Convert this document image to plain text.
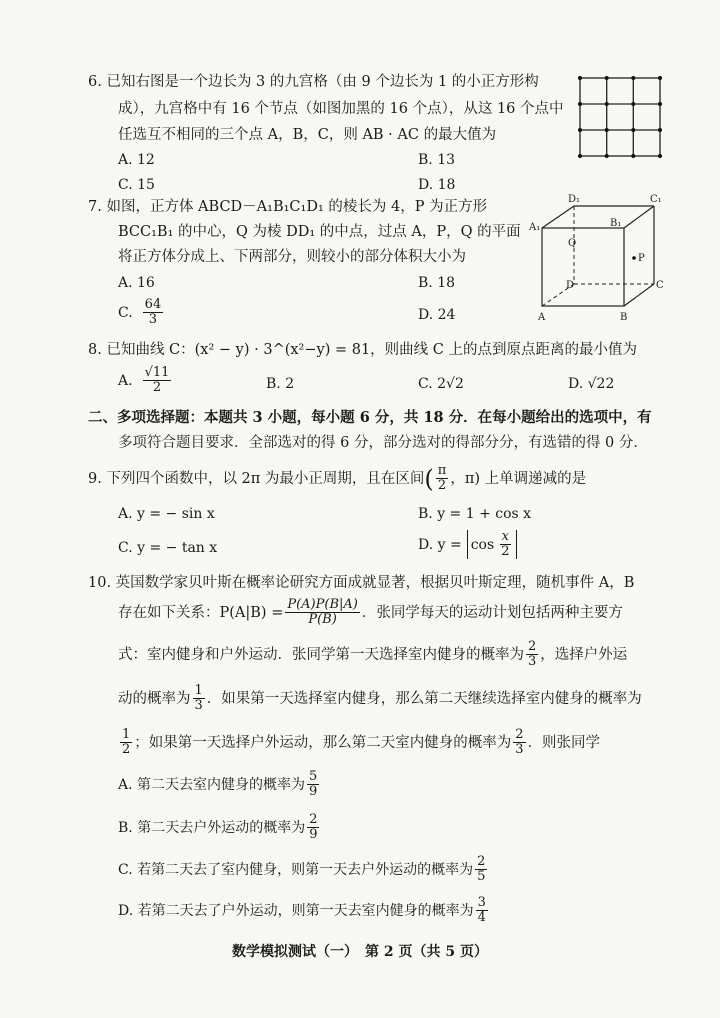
6. 已知右图是一个边长为 3 的九宫格（由 9 个边长为 1 的小正方形构
成），九宫格中有 16 个节点（如图加黑的 16 个点），从这 16 个点中
任选互不相同的三个点 A，B，C，则 AB · AC 的最大值为
A. 12	B. 13
C. 15	D. 18
7. 如图，正方体 ABCD－A₁B₁C₁D₁ 的棱长为 4，P 为正方形
BCC₁B₁ 的中心，Q 为棱 DD₁ 的中点，过点 A，P，Q 的平面
将正方体分成上、下两部分，则较小的部分体积大小为
A. 16	B. 18
C. $\frac{64}{3}$	D. 24
D₁	C₁
A₁	B₁
Q
P
D	C
A	B
8. 已知曲线 C：(x² − y) · 3^(x²−y) = 81，则曲线 C 上的点到原点距离的最小值为
A. $\frac{√11}{2}$	B. 2	C. 2√2	D. √22
二、多项选择题：本题共 3 小题，每小题 6 分，共 18 分．在每小题给出的选项中，有
多项符合题目要求．全部选对的得 6 分，部分选对的得部分分，有选错的得 0 分．
9. 下列四个函数中，以 2π 为最小正周期，且在区间 ( $\frac{\pi}{2}$ ，π) 上单调递减的是
A. y = − sin x	B. y = 1 + cos x
C. y = − tan x	D. $y = \cos \frac{x}{2}$
10. 英国数学家贝叶斯在概率论研究方面成就显著，根据贝叶斯定理，随机事件 A，B
存在如下关系：$P(A|B) = \frac{P(A)P(B|A)}{P(B)}$ ．张同学每天的运动计划包括两种主要方
式：室内健身和户外运动．张同学第一天选择室内健身的概率为 $\frac{2}{3}$ ，选择户外运
动的概率为 $\frac{1}{3}$ ．如果第一天选择室内健身，那么第二天继续选择室内健身的概率为
$\frac{1}{2}$ ；如果第一天选择户外运动，那么第二天室内健身的概率为 $\frac{2}{3}$ ．则张同学
A. 第二天去室内健身的概率为 $\frac{5}{9}$
B. 第二天去户外运动的概率为 $\frac{2}{9}$
C. 若第二天去了室内健身，则第一天去户外运动的概率为 $\frac{2}{5}$
D. 若第二天去了户外运动，则第一天去室内健身的概率为 $\frac{3}{4}$
数学模拟测试（一）　第 2 页（共 5 页）
